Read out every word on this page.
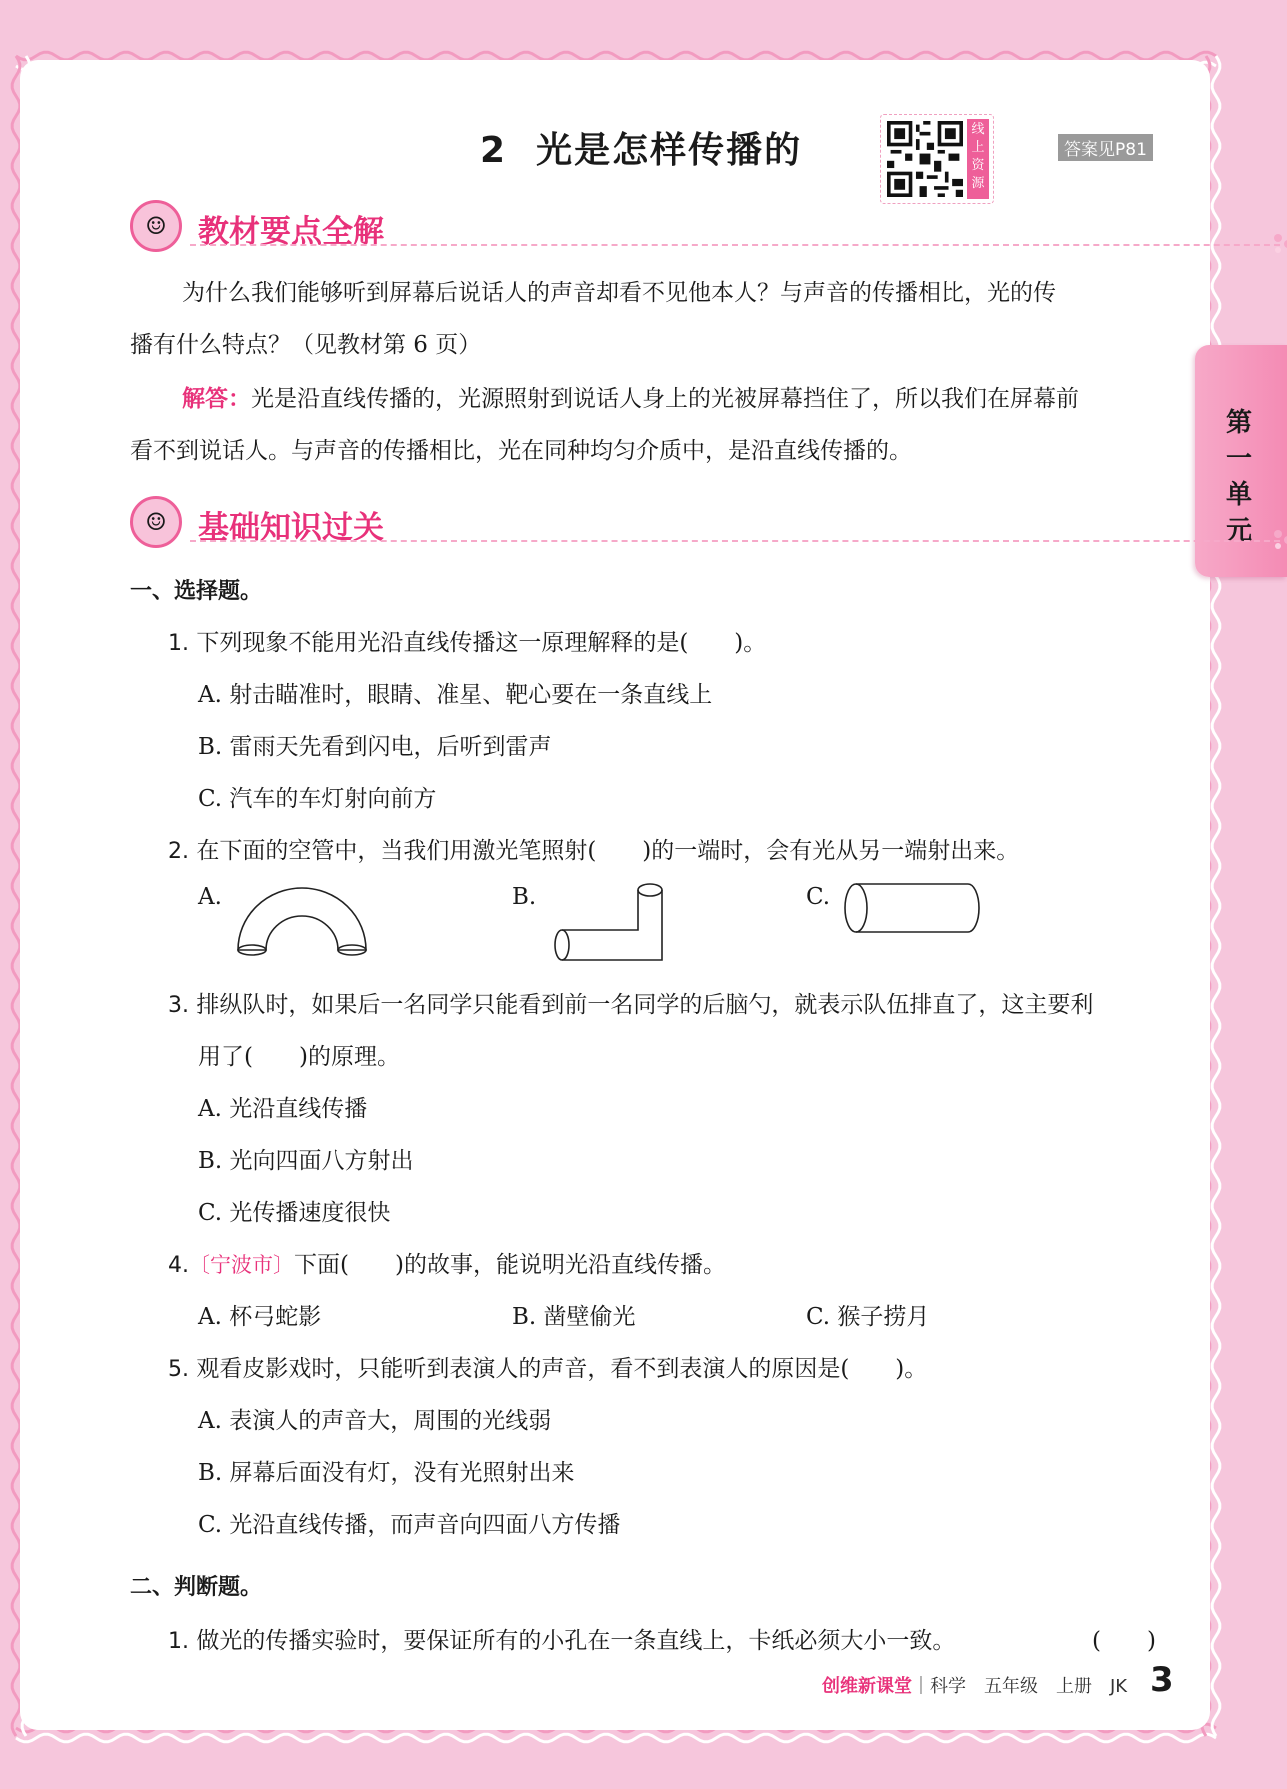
第一单元
2 光是怎样传播的
线上资源
答案见P81
☺	教材要点全解
为什么我们能够听到屏幕后说话人的声音却看不见他本人？与声音的传播相比，光的传
播有什么特点？（见教材第 6 页）
解答：光是沿直线传播的，光源照射到说话人身上的光被屏幕挡住了，所以我们在屏幕前
看不到说话人。与声音的传播相比，光在同种均匀介质中，是沿直线传播的。
☺	基础知识过关
一、选择题。
1. 下列现象不能用光沿直线传播这一原理解释的是(　　)。
A. 射击瞄准时，眼睛、准星、靶心要在一条直线上
B. 雷雨天先看到闪电，后听到雷声
C. 汽车的车灯射向前方
2. 在下面的空管中，当我们用激光笔照射(　　)的一端时，会有光从另一端射出来。
A.	B.	C.
3. 排纵队时，如果后一名同学只能看到前一名同学的后脑勺，就表示队伍排直了，这主要利
用了(　　)的原理。
A. 光沿直线传播
B. 光向四面八方射出
C. 光传播速度很快
4.〔宁波市〕下面(　　)的故事，能说明光沿直线传播。
A. 杯弓蛇影	B. 凿壁偷光	C. 猴子捞月
5. 观看皮影戏时，只能听到表演人的声音，看不到表演人的原因是(　　)。
A. 表演人的声音大，周围的光线弱
B. 屏幕后面没有灯，没有光照射出来
C. 光沿直线传播，而声音向四面八方传播
二、判断题。
1. 做光的传播实验时，要保证所有的小孔在一条直线上，卡纸必须大小一致。	(　　)
创维新课堂｜科学　五年级　上册　JK 3
